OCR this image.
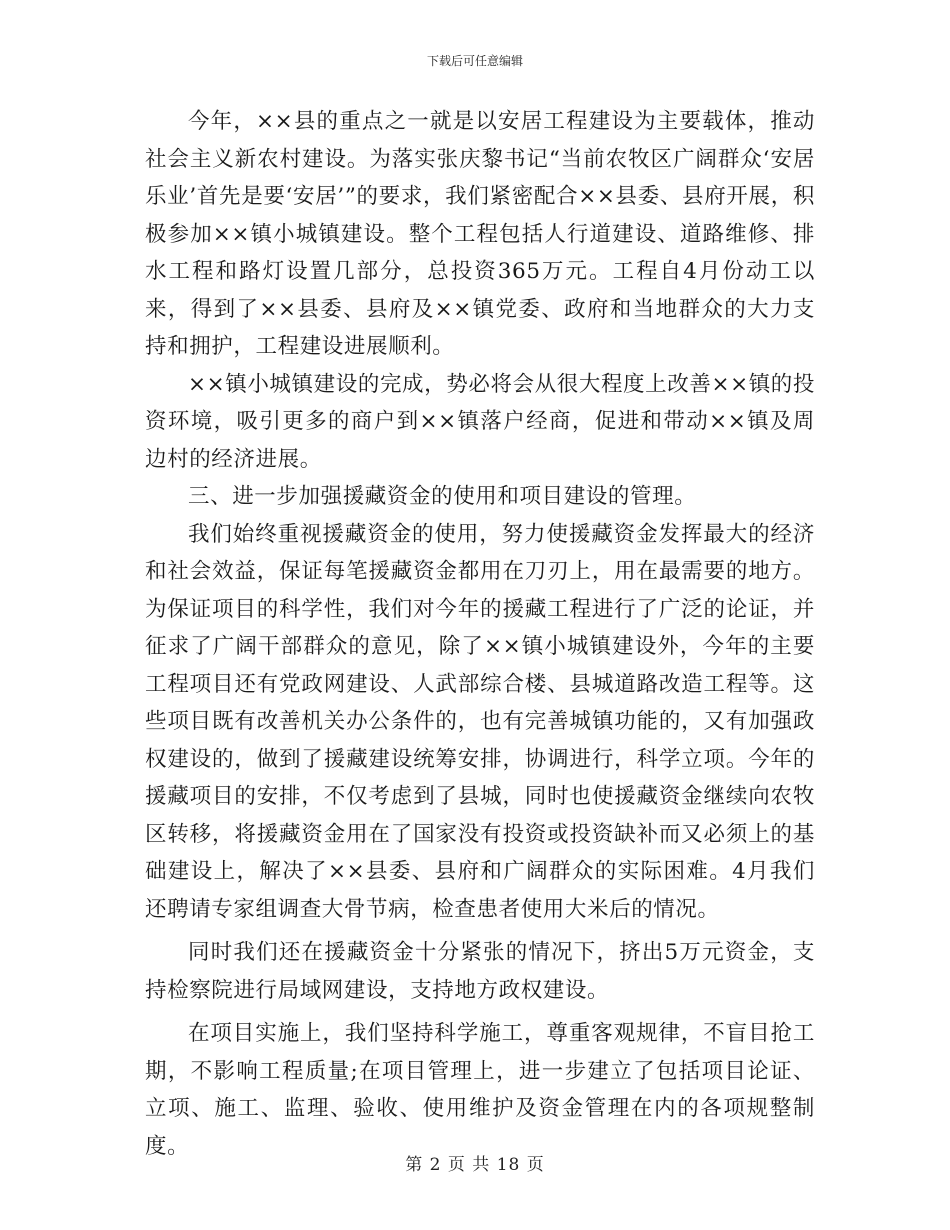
下载后可任意编辑

今年，××县的重点之一就是以安居工程建设为主要载体，推动社会主义新农村建设。为落实张庆黎书记“当前农牧区广阔群众‘安居乐业’首先是要‘安居’”的要求，我们紧密配合××县委、县府开展，积极参加××镇小城镇建设。整个工程包括人行道建设、道路维修、排水工程和路灯设置几部分，总投资365万元。工程自4月份动工以来，得到了××县委、县府及××镇党委、政府和当地群众的大力支持和拥护，工程建设进展顺利。

××镇小城镇建设的完成，势必将会从很大程度上改善××镇的投资环境，吸引更多的商户到××镇落户经商，促进和带动××镇及周边村的经济进展。

三、进一步加强援藏资金的使用和项目建设的管理。

我们始终重视援藏资金的使用，努力使援藏资金发挥最大的经济和社会效益，保证每笔援藏资金都用在刀刃上，用在最需要的地方。为保证项目的科学性，我们对今年的援藏工程进行了广泛的论证，并征求了广阔干部群众的意见，除了××镇小城镇建设外，今年的主要工程项目还有党政网建设、人武部综合楼、县城道路改造工程等。这些项目既有改善机关办公条件的，也有完善城镇功能的，又有加强政权建设的，做到了援藏建设统筹安排，协调进行，科学立项。今年的援藏项目的安排，不仅考虑到了县城，同时也使援藏资金继续向农牧区转移，将援藏资金用在了国家没有投资或投资缺补而又必须上的基础建设上，解决了××县委、县府和广阔群众的实际困难。4月我们还聘请专家组调查大骨节病，检查患者使用大米后的情况。

同时我们还在援藏资金十分紧张的情况下，挤出5万元资金，支持检察院进行局域网建设，支持地方政权建设。

在项目实施上，我们坚持科学施工，尊重客观规律，不盲目抢工期，不影响工程质量;在项目管理上，进一步建立了包括项目论证、立项、施工、监理、验收、使用维护及资金管理在内的各项规整制度。

第 2 页 共 18 页
